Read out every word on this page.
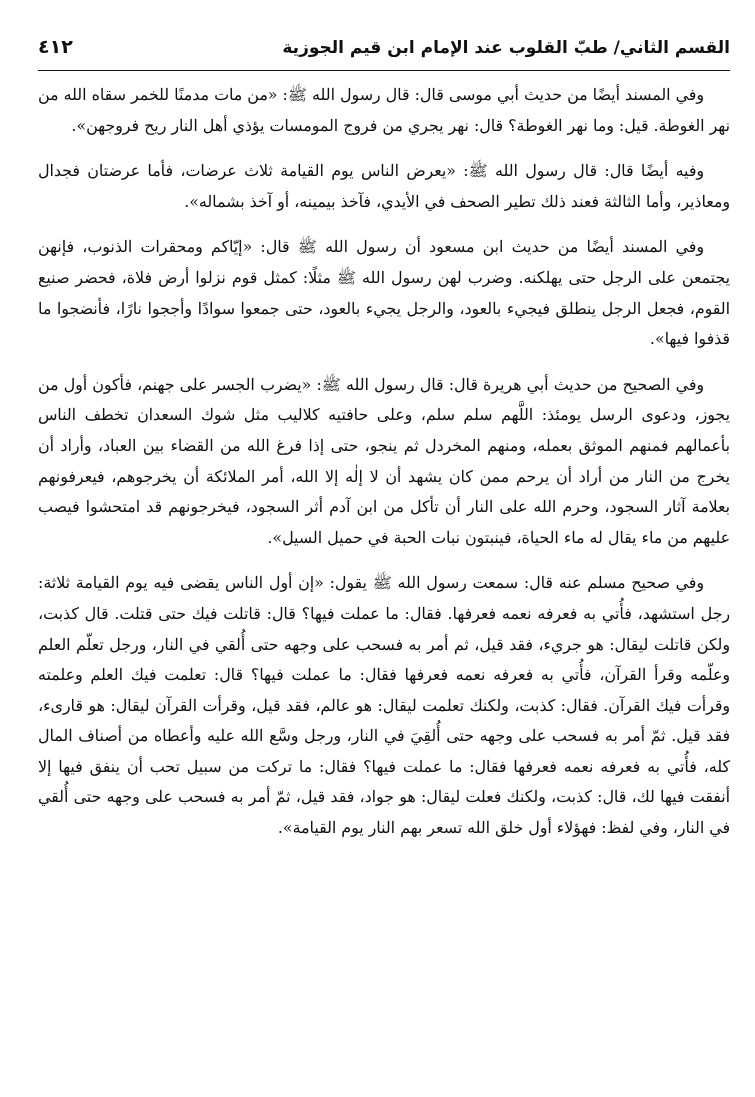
القسم الثاني/ طبّ القلوب عند الإمام ابن قيم الجوزية
٤١٢

وفي المسند أيضًا من حديث أبي موسى قال: قال رسول الله ﷺ: «من مات مدمنًا للخمر سقاه الله من نهر الغوطة. قيل: وما نهر الغوطة؟ قال: نهر يجري من فروج المومسات يؤذي أهل النار ريح فروجهن».

وفيه أيضًا قال: قال رسول الله ﷺ: «يعرض الناس يوم القيامة ثلاث عرضات، فأما عرضتان فجدال ومعاذير، وأما الثالثة فعند ذلك تطير الصحف في الأيدي، فآخذ بيمينه، أو آخذ بشماله».

وفي المسند أيضًا من حديث ابن مسعود أن رسول الله ﷺ قال: «إيّاكم ومحقرات الذنوب، فإنهن يجتمعن على الرجل حتى يهلكنه. وضرب لهن رسول الله ﷺ مثلًا: كمثل قوم نزلوا أرض فلاة، فحضر صنيع القوم، فجعل الرجل ينطلق فيجيء بالعود، والرجل يجيء بالعود، حتى جمعوا سوادًا وأججوا نارًا، فأنضجوا ما قذفوا فيها».

وفي الصحيح من حديث أبي هريرة قال: قال رسول الله ﷺ: «يضرب الجسر على جهنم، فأكون أول من يجوز، ودعوى الرسل يومئذ: اللَّهم سلم سلم، وعلى حافتيه كلاليب مثل شوك السعدان تخطف الناس بأعمالهم فمنهم الموثق بعمله، ومنهم المخردل ثم ينجو، حتى إذا فرغ الله من القضاء بين العباد، وأراد أن يخرج من النار من أراد أن يرحم ممن كان يشهد أن لا إلٰه إلا الله، أمر الملائكة أن يخرجوهم، فيعرفونهم بعلامة آثار السجود، وحرم الله على النار أن تأكل من ابن آدم أثر السجود، فيخرجونهم قد امتحشوا فيصب عليهم من ماء يقال له ماء الحياة، فينبتون نبات الحبة في حميل السيل».

وفي صحيح مسلم عنه قال: سمعت رسول الله ﷺ يقول: «إن أول الناس يقضى فيه يوم القيامة ثلاثة: رجل استشهد، فأُتي به فعرفه نعمه فعرفها. فقال: ما عملت فيها؟ قال: قاتلت فيك حتى قتلت. قال كذبت، ولكن قاتلت ليقال: هو جريء، فقد قيل، ثم أمر به فسحب على وجهه حتى أُلقي في النار، ورجل تعلّم العلم وعلّمه وقرأ القرآن، فأُتي به فعرفه نعمه فعرفها فقال: ما عملت فيها؟ قال: تعلمت فيك العلم وعلمته وقرأت فيك القرآن. فقال: كذبت، ولكنك تعلمت ليقال: هو عالم، فقد قيل، وقرأت القرآن ليقال: هو قارىء، فقد قيل. ثمّ أمر به فسحب على وجهه حتى أُلقِيَ في النار، ورجل وسَّع الله عليه وأعطاه من أصناف المال كله، فأُتي به فعرفه نعمه فعرفها فقال: ما عملت فيها؟ فقال: ما تركت من سبيل تحب أن ينفق فيها إلا أنفقت فيها لك، قال: كذبت، ولكنك فعلت ليقال: هو جواد، فقد قيل، ثمّ أمر به فسحب على وجهه حتى أُلقي في النار، وفي لفظ: فهؤلاء أول خلق الله تسعر بهم النار يوم القيامة».
